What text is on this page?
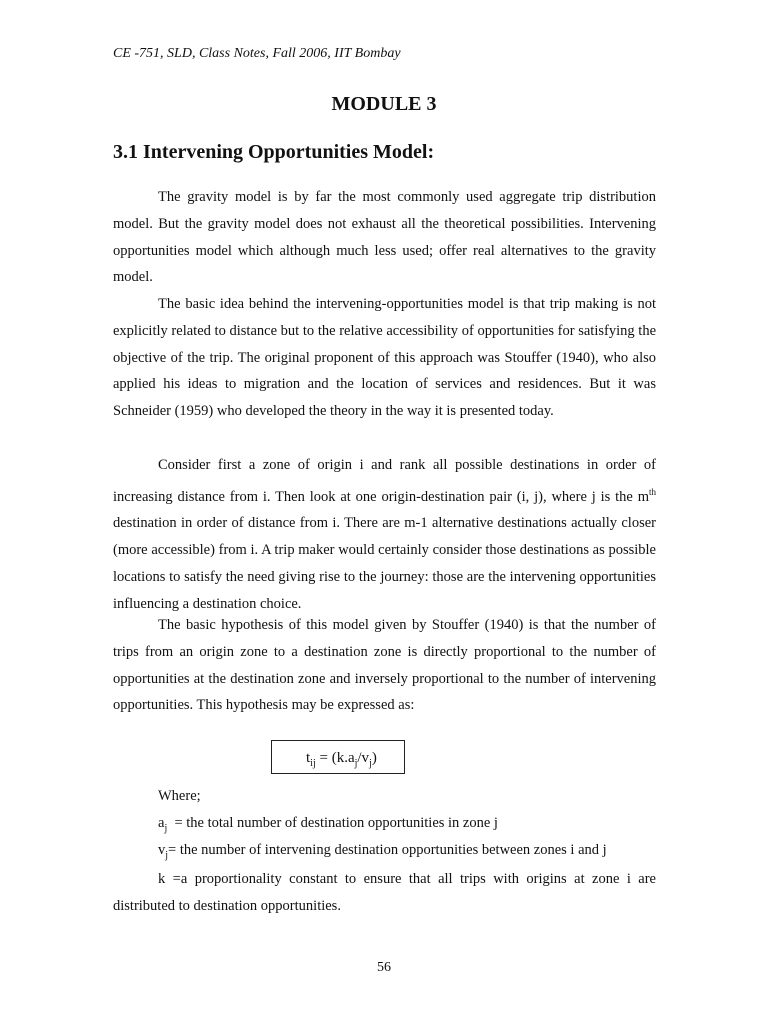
CE -751, SLD, Class Notes, Fall 2006, IIT Bombay
MODULE 3
3.1 Intervening Opportunities Model:

The gravity model is by far the most commonly used aggregate trip distribution model. But the gravity model does not exhaust all the theoretical possibilities. Intervening opportunities model which although much less used; offer real alternatives to the gravity model.

The basic idea behind the intervening-opportunities model is that trip making is not explicitly related to distance but to the relative accessibility of opportunities for satisfying the objective of the trip. The original proponent of this approach was Stouffer (1940), who also applied his ideas to migration and the location of services and residences. But it was Schneider (1959) who developed the theory in the way it is presented today.

Consider first a zone of origin i and rank all possible destinations in order of increasing distance from i. Then look at one origin-destination pair (i, j), where j is the $m^{th}$ destination in order of distance from i. There are m-1 alternative destinations actually closer (more accessible) from i. A trip maker would certainly consider those destinations as possible locations to satisfy the need giving rise to the journey: those are the intervening opportunities influencing a destination choice.

The basic hypothesis of this model given by Stouffer (1940) is that the number of trips from an origin zone to a destination zone is directly proportional to the number of opportunities at the destination zone and inversely proportional to the number of intervening opportunities. This hypothesis may be expressed as:

$t_{ij} = (k.a_j/v_j)$
Where;
$a_j$  = the total number of destination opportunities in zone j
$v_j=$ the number of intervening destination opportunities between zones i and j
k =a proportionality constant to ensure that all trips with origins at zone i are distributed to destination opportunities.
56
